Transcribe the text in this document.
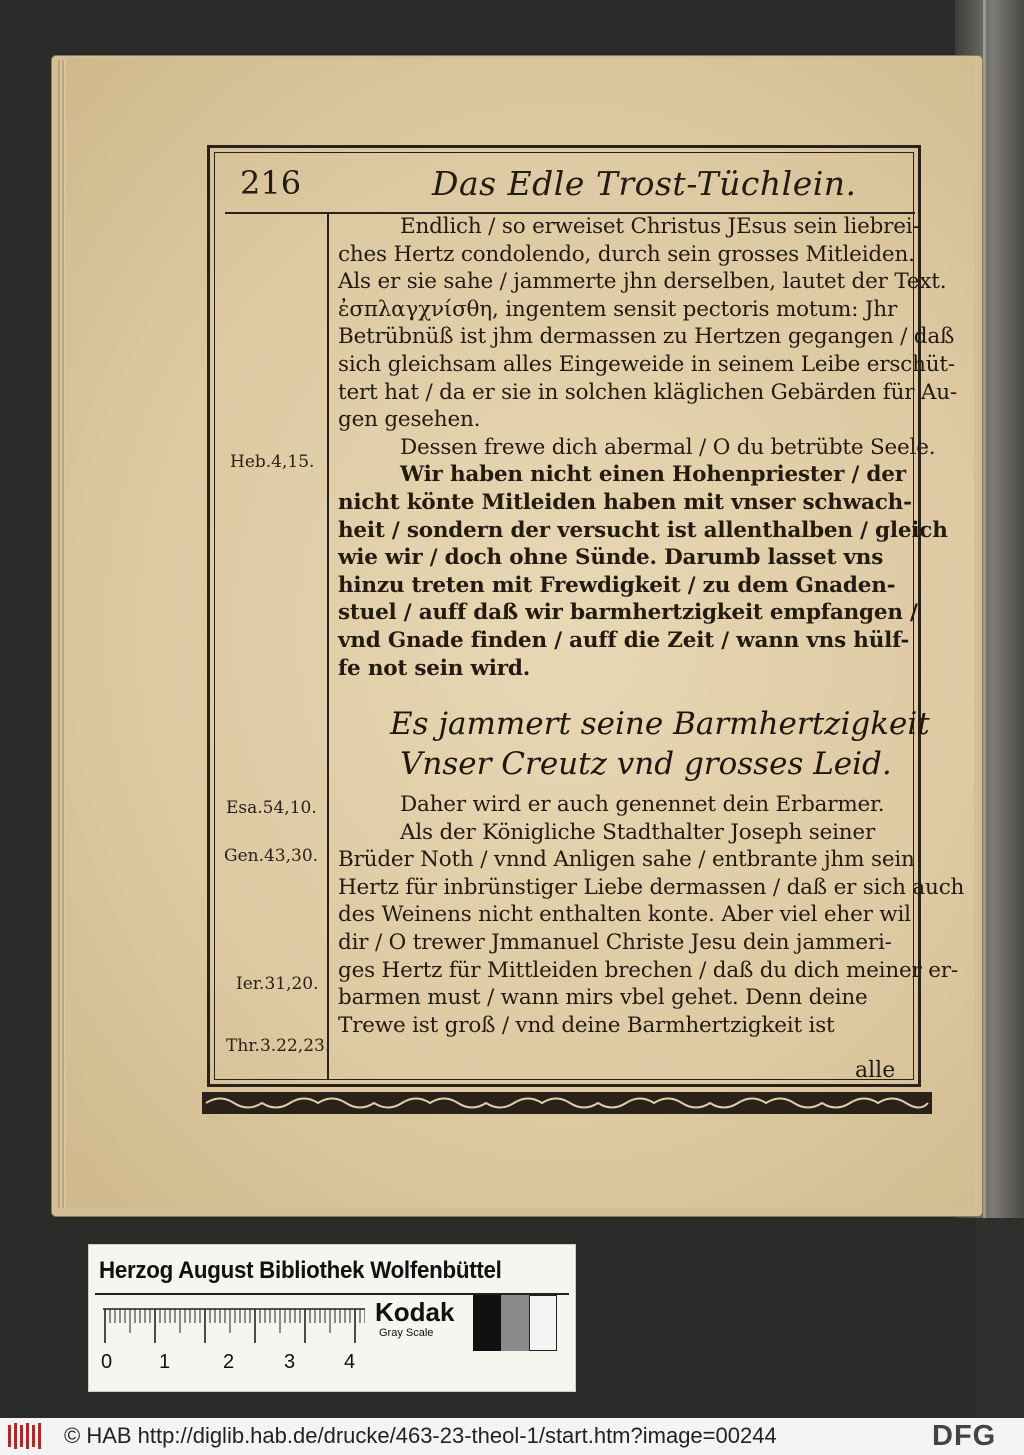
216	Das Edle Trost-Tüchlein.

Endlich / so erweiset Christus JEsus sein liebrei-
ches Hertz condolendo, durch sein grosses Mitleiden.
Als er sie sahe / jammerte jhn derselben, lautet der Text.
ἐσπλαγχνίσθη, ingentem sensit pectoris motum: Jhr
Betrübnüß ist jhm dermassen zu Hertzen gegangen / daß
sich gleichsam alles Eingeweide in seinem Leibe erschüt-
tert hat / da er sie in solchen kläglichen Gebärden für Au-
gen gesehen.
Dessen frewe dich abermal / O du betrübte Seele.
Wir haben nicht einen Hohenpriester / der
nicht könte Mitleiden haben mit vnser schwach-
heit / sondern der versucht ist allenthalben / gleich
wie wir / doch ohne Sünde. Darumb lasset vns
hinzu treten mit Frewdigkeit / zu dem Gnaden-
stuel / auff daß wir barmhertzigkeit empfangen /
vnd Gnade finden / auff die Zeit / wann vns hülf-
fe not sein wird.
Es jammert seine Barmhertzigkeit
Vnser Creutz vnd grosses Leid.
Daher wird er auch genennet dein Erbarmer.
Als der Königliche Stadthalter Joseph seiner
Brüder Noth / vnnd Anligen sahe / entbrante jhm sein
Hertz für inbrünstiger Liebe dermassen / daß er sich auch
des Weinens nicht enthalten konte. Aber viel eher wil
dir / O trewer Jmmanuel Christe Jesu dein jammeri-
ges Hertz für Mittleiden brechen / daß du dich meiner er-
barmen must / wann mirs vbel gehet. Denn deine
Trewe ist groß / vnd deine Barmhertzigkeit ist
alle
Heb.4,15.
Esa.54,10.
Gen.43,30.
Ier.31,20.
Thr.3.22,23.
Herzog August Bibliothek Wolfenbüttel
0 1	2 3 4
Kodak
Gray Scale
© HAB http://diglib.hab.de/drucke/463-23-theol-1/start.htm?image=00244	DFG
